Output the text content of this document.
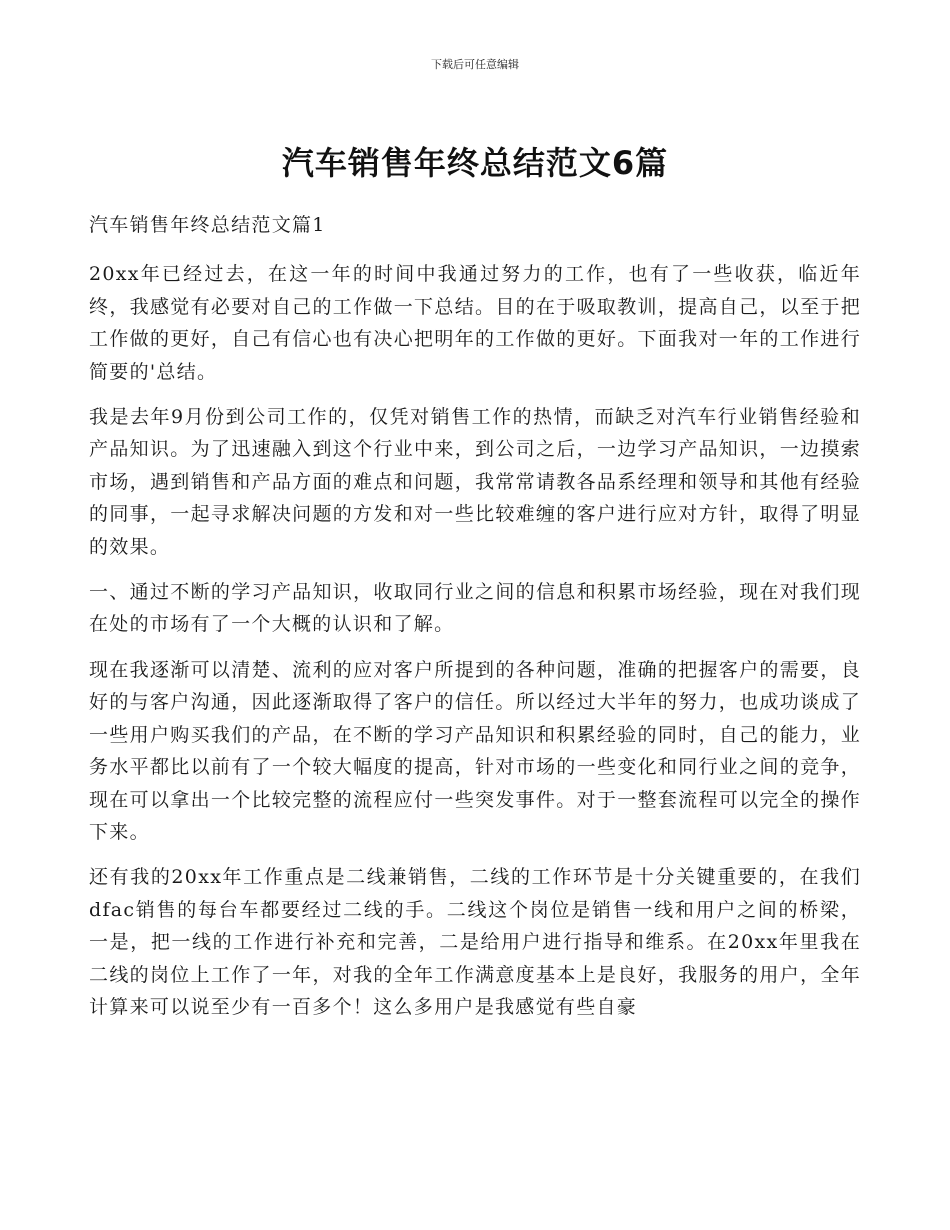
下载后可任意编辑
汽车销售年终总结范文6篇

汽车销售年终总结范文篇1

20xx年已经过去，在这一年的时间中我通过努力的工作，也有了一些收获，临近年终，我感觉有必要对自己的工作做一下总结。目的在于吸取教训，提高自己，以至于把工作做的更好，自己有信心也有决心把明年的工作做的更好。下面我对一年的工作进行简要的'总结。

我是去年9月份到公司工作的，仅凭对销售工作的热情，而缺乏对汽车行业销售经验和产品知识。为了迅速融入到这个行业中来，到公司之后，一边学习产品知识，一边摸索市场，遇到销售和产品方面的难点和问题，我常常请教各品系经理和领导和其他有经验的同事，一起寻求解决问题的方发和对一些比较难缠的客户进行应对方针，取得了明显的效果。

一、通过不断的学习产品知识，收取同行业之间的信息和积累市场经验，现在对我们现在处的市场有了一个大概的认识和了解。

现在我逐渐可以清楚、流利的应对客户所提到的各种问题，准确的把握客户的需要，良好的与客户沟通，因此逐渐取得了客户的信任。所以经过大半年的努力，也成功谈成了一些用户购买我们的产品，在不断的学习产品知识和积累经验的同时，自己的能力，业务水平都比以前有了一个较大幅度的提高，针对市场的一些变化和同行业之间的竞争，现在可以拿出一个比较完整的流程应付一些突发事件。对于一整套流程可以完全的操作下来。

还有我的20xx年工作重点是二线兼销售，二线的工作环节是十分关键重要的，在我们dfac销售的每台车都要经过二线的手。二线这个岗位是销售一线和用户之间的桥梁，一是，把一线的工作进行补充和完善，二是给用户进行指导和维系。在20xx年里我在二线的岗位上工作了一年，对我的全年工作满意度基本上是良好，我服务的用户，全年计算来可以说至少有一百多个！这么多用户是我感觉有些自豪
